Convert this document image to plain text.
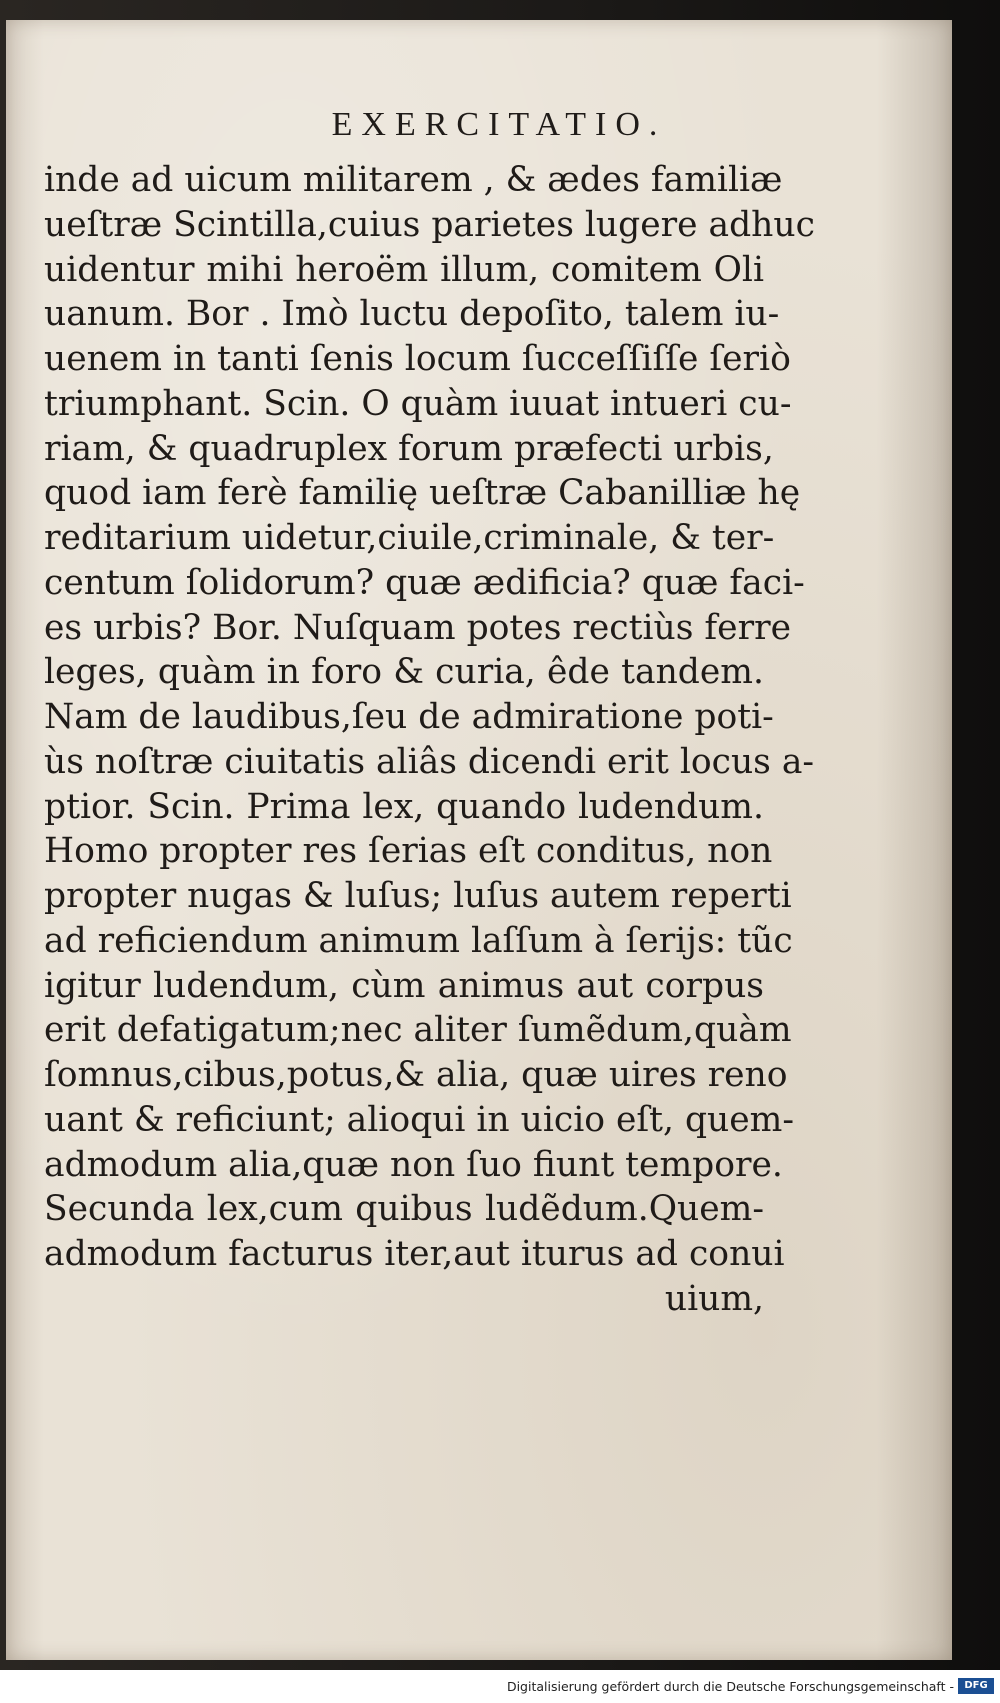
EXERCITATIO.
inde ad uicum militarem , & ædes familiæ
ueſtræ Scintilla,cuius parietes lugere adhuc
uidentur mihi heroëm illum, comitem Oli
uanum. Bor . Imò luctu depoſito, talem iu-
uenem in tanti ſenis locum ſucceſſiſſe ſeriò
triumphant. Scin. O quàm iuuat intueri cu-
riam, & quadruplex forum præfecti urbis,
quod iam ferè familię ueſtræ Cabanilliæ hę
reditarium uidetur,ciuile,criminale, & ter-
centum ſolidorum? quæ ædificia? quæ faci-
es urbis? Bor. Nuſquam potes rectiùs ferre
leges, quàm in foro & curia, êde tandem.
Nam de laudibus,ſeu de admiratione poti-
ùs noſtræ ciuitatis aliâs dicendi erit locus a-
ptior. Scin. Prima lex, quando ludendum.
Homo propter res ſerias eſt conditus, non
propter nugas & luſus; luſus autem reperti
ad reficiendum animum laſſum à ſerijs: tũc
igitur ludendum, cùm animus aut corpus
erit defatigatum;nec aliter ſumẽdum,quàm
ſomnus,cibus,potus,& alia, quæ uires reno
uant & reficiunt; alioqui in uicio eſt, quem-
admodum alia,quæ non ſuo fiunt tempore.
Secunda lex,cum quibus ludẽdum.Quem-
admodum facturus iter,aut iturus ad conui
uium,
Digitalisierung gefördert durch die Deutsche Forschungsgemeinschaft -	DFG
